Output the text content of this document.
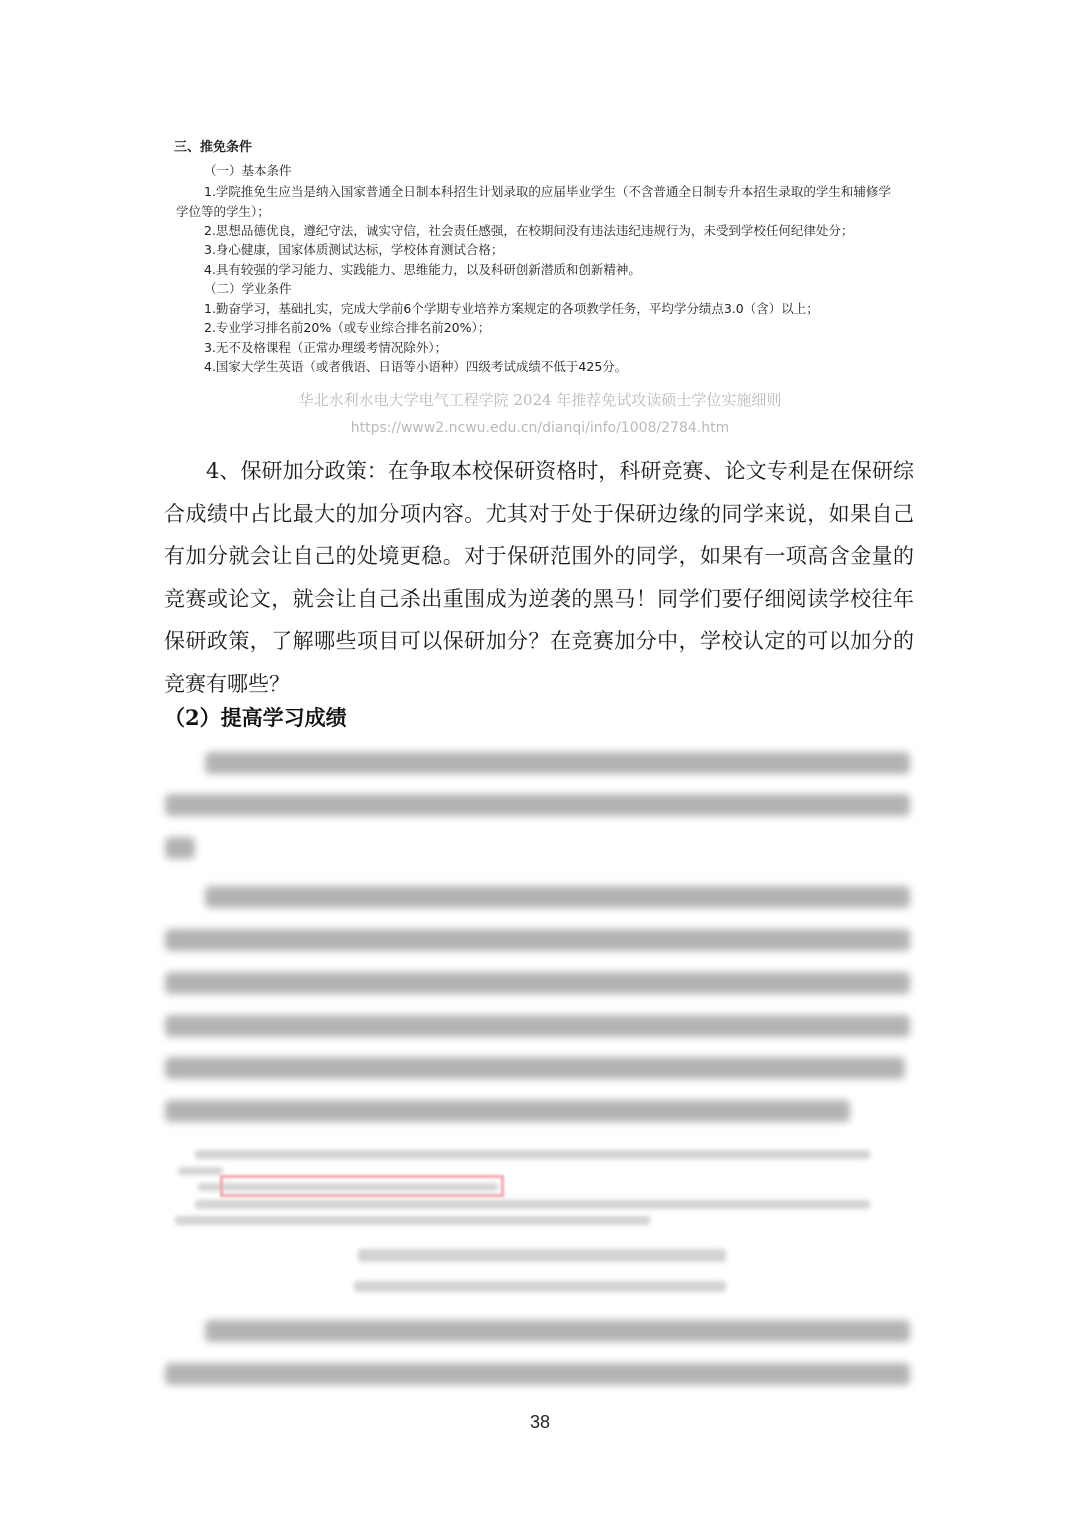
三、推免条件
（一）基本条件
1.学院推免生应当是纳入国家普通全日制本科招生计划录取的应届毕业学生（不含普通全日制专升本招生录取的学生和辅修学
学位等的学生）；
2.思想品德优良，遵纪守法，诚实守信，社会责任感强，在校期间没有违法违纪违规行为，未受到学校任何纪律处分；
3.身心健康，国家体质测试达标，学校体育测试合格；
4.具有较强的学习能力、实践能力、思维能力，以及科研创新潜质和创新精神。
（二）学业条件
1.勤奋学习，基础扎实，完成大学前6个学期专业培养方案规定的各项教学任务，平均学分绩点3.0（含）以上；
2.专业学习排名前20%（或专业综合排名前20%）；
3.无不及格课程（正常办理缓考情况除外）；
4.国家大学生英语（或者俄语、日语等小语种）四级考试成绩不低于425分。
华北水利水电大学电气工程学院 2024 年推荐免试攻读硕士学位实施细则
https://www2.ncwu.edu.cn/dianqi/info/1008/2784.htm
4、保研加分政策：在争取本校保研资格时，科研竞赛、论文专利是在保研综合成绩中占比最大的加分项内容。尤其对于处于保研边缘的同学来说，如果自己有加分就会让自己的处境更稳。对于保研范围外的同学，如果有一项高含金量的竞赛或论文，就会让自己杀出重围成为逆袭的黑马！同学们要仔细阅读学校往年保研政策，了解哪些项目可以保研加分？在竞赛加分中，学校认定的可以加分的竞赛有哪些？
（2）提高学习成绩
38
